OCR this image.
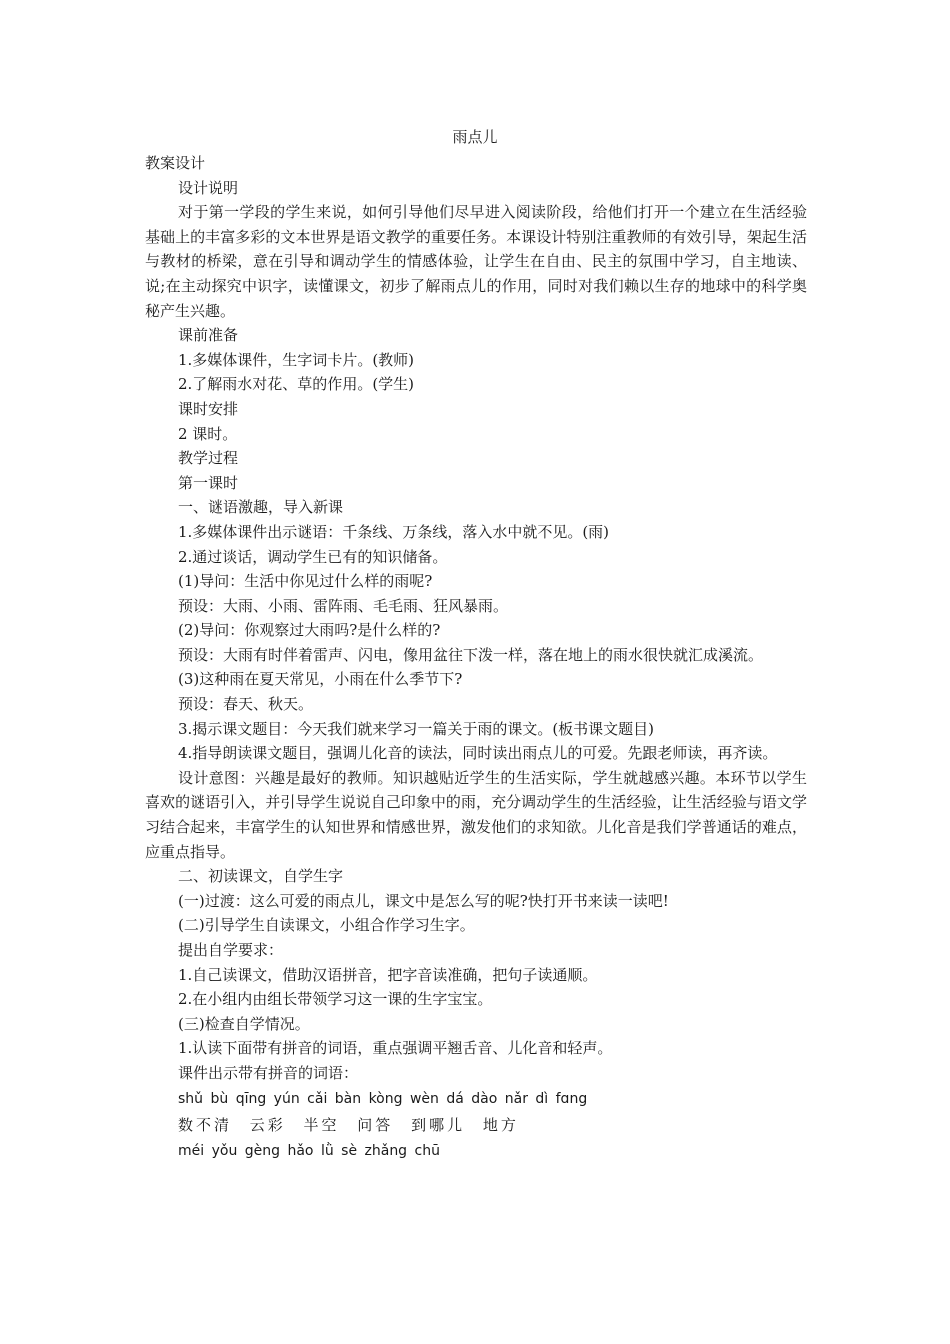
雨点儿

教案设计

设计说明

对于第一学段的学生来说，如何引导他们尽早进入阅读阶段，给他们打开一个建立在生活经验基础上的丰富多彩的文本世界是语文教学的重要任务。本课设计特别注重教师的有效引导，架起生活与教材的桥梁，意在引导和调动学生的情感体验，让学生在自由、民主的氛围中学习，自主地读、说;在主动探究中识字，读懂课文，初步了解雨点儿的作用，同时对我们赖以生存的地球中的科学奥秘产生兴趣。

课前准备

1.多媒体课件，生字词卡片。(教师)

2.了解雨水对花、草的作用。(学生)

课时安排

2 课时。

教学过程

第一课时

一、谜语激趣，导入新课

1.多媒体课件出示谜语：千条线、万条线，落入水中就不见。(雨)

2.通过谈话，调动学生已有的知识储备。

(1)导问：生活中你见过什么样的雨呢?

预设：大雨、小雨、雷阵雨、毛毛雨、狂风暴雨。

(2)导问：你观察过大雨吗?是什么样的?

预设：大雨有时伴着雷声、闪电，像用盆往下泼一样，落在地上的雨水很快就汇成溪流。

(3)这种雨在夏天常见，小雨在什么季节下?

预设：春天、秋天。

3.揭示课文题目：今天我们就来学习一篇关于雨的课文。(板书课文题目)

4.指导朗读课文题目，强调儿化音的读法，同时读出雨点儿的可爱。先跟老师读，再齐读。

设计意图：兴趣是最好的教师。知识越贴近学生的生活实际，学生就越感兴趣。本环节以学生喜欢的谜语引入，并引导学生说说自己印象中的雨，充分调动学生的生活经验，让生活经验与语文学习结合起来，丰富学生的认知世界和情感世界，激发他们的求知欲。儿化音是我们学普通话的难点，应重点指导。

二、初读课文，自学生字

(一)过渡：这么可爱的雨点儿，课文中是怎么写的呢?快打开书来读一读吧!

(二)引导学生自读课文，小组合作学习生字。

提出自学要求：

1.自己读课文，借助汉语拼音，把字音读准确，把句子读通顺。

2.在小组内由组长带领学习这一课的生字宝宝。

(三)检查自学情况。

1.认读下面带有拼音的词语，重点强调平翘舌音、儿化音和轻声。

课件出示带有拼音的词语：

shǔ bù qīng yún cǎi bàn kòng wèn dá dào nǎr dì fɑng

数不清 云彩 半空 问答 到哪儿 地方

méi yǒu gèng hǎo lǜ sè zhǎng chū
